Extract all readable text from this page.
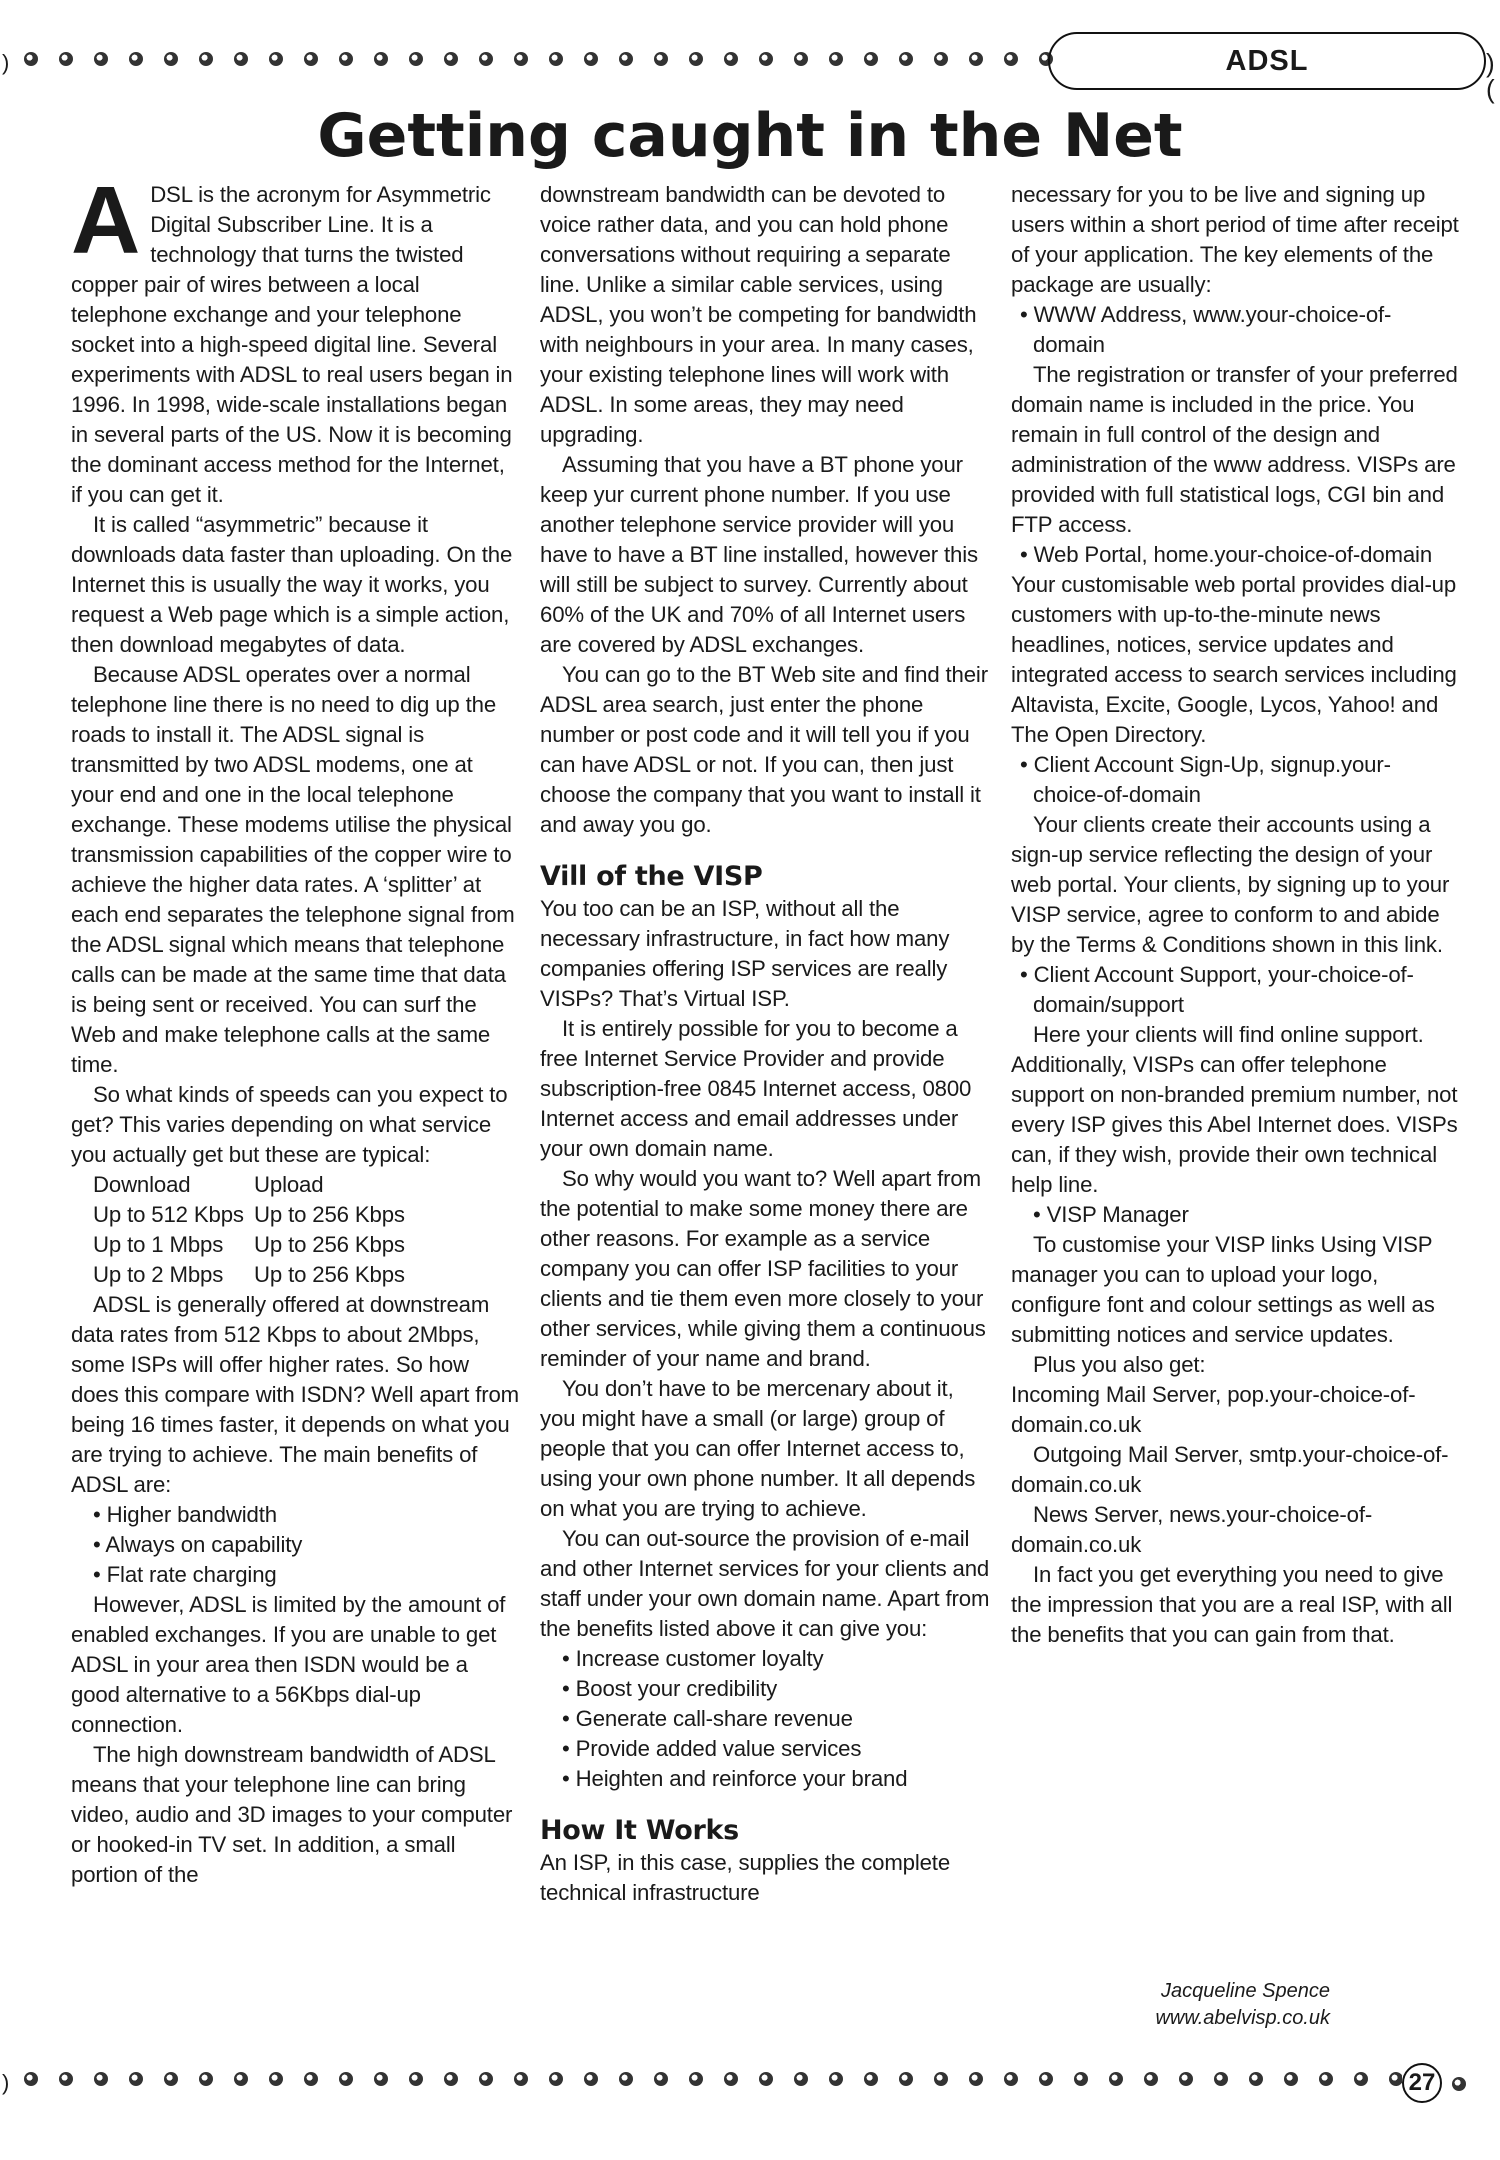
)	ADSL	)(
Getting caught in the Net

ADSL is the acronym for Asymmetric Digital Subscriber Line. It is a technology that turns the twisted copper pair of wires between a local telephone exchange and your telephone socket into a high-speed digital line. Several experiments with ADSL to real users began in 1996. In 1998, wide-scale installations began in several parts of the US. Now it is becoming the dominant access method for the Internet, if you can get it.

It is called “asymmetric” because it downloads data faster than uploading. On the Internet this is usually the way it works, you request a Web page which is a simple action, then download megabytes of data.

Because ADSL operates over a normal telephone line there is no need to dig up the roads to install it. The ADSL signal is transmitted by two ADSL modems, one at your end and one in the local telephone exchange. These modems utilise the physical transmission capabilities of the copper wire to achieve the higher data rates. A ‘splitter’ at each end separates the telephone signal from the ADSL signal which means that telephone calls can be made at the same time that data is being sent or received. You can surf the Web and make telephone calls at the same time.

So what kinds of speeds can you expect to get? This varies depending on what service you actually get but these are typical:

Download	Upload
Up to 512 Kbps	Up to 256 Kbps
Up to 1 Mbps	Up to 256 Kbps
Up to 2 Mbps	Up to 256 Kbps

ADSL is generally offered at downstream data rates from 512 Kbps to about 2Mbps, some ISPs will offer higher rates. So how does this compare with ISDN? Well apart from being 16 times faster, it depends on what you are trying to achieve. The main benefits of ADSL are:

• Higher bandwidth

• Always on capability

• Flat rate charging

However, ADSL is limited by the amount of enabled exchanges. If you are unable to get ADSL in your area then ISDN would be a good alternative to a 56Kbps dial-up connection.

The high downstream bandwidth of ADSL means that your telephone line can bring video, audio and 3D images to your computer or hooked-in TV set. In addition, a small portion of the

downstream bandwidth can be devoted to voice rather data, and you can hold phone conversations without requiring a separate line. Unlike a similar cable services, using ADSL, you won’t be competing for bandwidth with neighbours in your area. In many cases, your existing telephone lines will work with ADSL. In some areas, they may need upgrading.

Assuming that you have a BT phone your keep yur current phone number. If you use another telephone service provider will you have to have a BT line installed, however this will still be subject to survey. Currently about 60% of the UK and 70% of all Internet users are covered by ADSL exchanges.

You can go to the BT Web site and find their ADSL area search, just enter the phone number or post code and it will tell you if you can have ADSL or not. If you can, then just choose the company that you want to install it and away you go.

Vill of the VISP

You too can be an ISP, without all the necessary infrastructure, in fact how many companies offering ISP services are really VISPs? That’s Virtual ISP.

It is entirely possible for you to become a free Internet Service Provider and provide subscription-free 0845 Internet access, 0800 Internet access and email addresses under your own domain name.

So why would you want to? Well apart from the potential to make some money there are other reasons. For example as a service company you can offer ISP facilities to your clients and tie them even more closely to your other services, while giving them a continuous reminder of your name and brand.

You don’t have to be mercenary about it, you might have a small (or large) group of people that you can offer Internet access to, using your own phone number. It all depends on what you are trying to achieve.

You can out-source the provision of e-mail and other Internet services for your clients and staff under your own domain name. Apart from the benefits listed above it can give you:

• Increase customer loyalty

• Boost your credibility

• Generate call-share revenue

• Provide added value services

• Heighten and reinforce your brand

How It Works

An ISP, in this case, supplies the complete technical infrastructure

necessary for you to be live and signing up users within a short period of time after receipt of your application. The key elements of the package are usually:

• WWW Address, www.your-choice-of-domain

The registration or transfer of your preferred domain name is included in the price. You remain in full control of the design and administration of the www address. VISPs are provided with full statistical logs, CGI bin and FTP access.

• Web Portal, home.your-choice-of-domain

Your customisable web portal provides dial-up customers with up-to-the-minute news headlines, notices, service updates and integrated access to search services including Altavista, Excite, Google, Lycos, Yahoo! and The Open Directory.

• Client Account Sign-Up, signup.your-choice-of-domain

Your clients create their accounts using a sign-up service reflecting the design of your web portal. Your clients, by signing up to your VISP service, agree to conform to and abide by the Terms & Conditions shown in this link.

• Client Account Support, your-choice-of-domain/support

Here your clients will find online support. Additionally, VISPs can offer telephone support on non-branded premium number, not every ISP gives this Abel Internet does. VISPs can, if they wish, provide their own technical help line.

• VISP Manager

To customise your VISP links Using VISP manager you can to upload your logo, configure font and colour settings as well as submitting notices and service updates.

Plus you also get:

Incoming Mail Server, pop.your-choice-of-domain.co.uk

Outgoing Mail Server, smtp.your-choice-of-domain.co.uk

News Server, news.your-choice-of-domain.co.uk

In fact you get everything you need to give the impression that you are a real ISP, with all the benefits that you can gain from that.

Jacqueline Spence
www.abelvisp.co.uk
)	27
